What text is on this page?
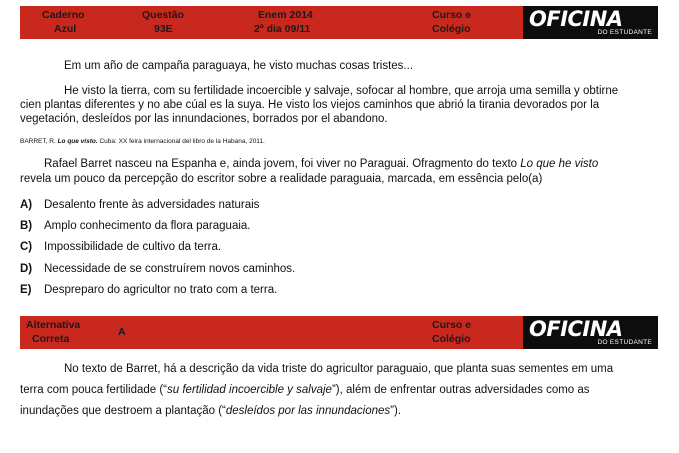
Caderno
Azul
Questão
93E
Enem 2014
2º dia 09/11
Curso e
Colégio	OFICINA
DO ESTUDANTE
Em um año de campaña paraguaya, he visto muchas cosas tristes...
He visto la tierra, com su fertilidade incoercible y salvaje, sofocar al hombre, que arroja uma semilla y obtirne
cien plantas diferentes y no abe cúal es la suya. He visto los viejos caminhos que abrió la tirania devorados por la
vegetación, desleídos por las innundaciones, borrados por el abandono.
BARRET, R. Lo que visto. Cuba: XX feira internacional del libro de la Habana, 2011.
Rafael Barret nasceu na Espanha e, ainda jovem, foi viver no Paraguai. Ofragmento do texto Lo que he visto
revela um pouco da percepção do escritor sobre a realidade paraguaia, marcada, em essência pelo(a)
A) Desalento frente às adversidades naturais
B) Amplo conhecimento da flora paraguaia.
C) Impossibilidade de cultivo da terra.
D) Necessidade de se construírem novos caminhos.
E) Despreparo do agricultor no trato com a terra.
Alternativa
Correta
A
Curso e
Colégio	OFICINA
DO ESTUDANTE
No texto de Barret, há a descrição da vida triste do agricultor paraguaio, que planta suas sementes em uma
terra com pouca fertilidade (“su fertilidad incoercible y salvaje”), além de enfrentar outras adversidades como as
inundações que destroem a plantação (“desleídos por las innundaciones”).
